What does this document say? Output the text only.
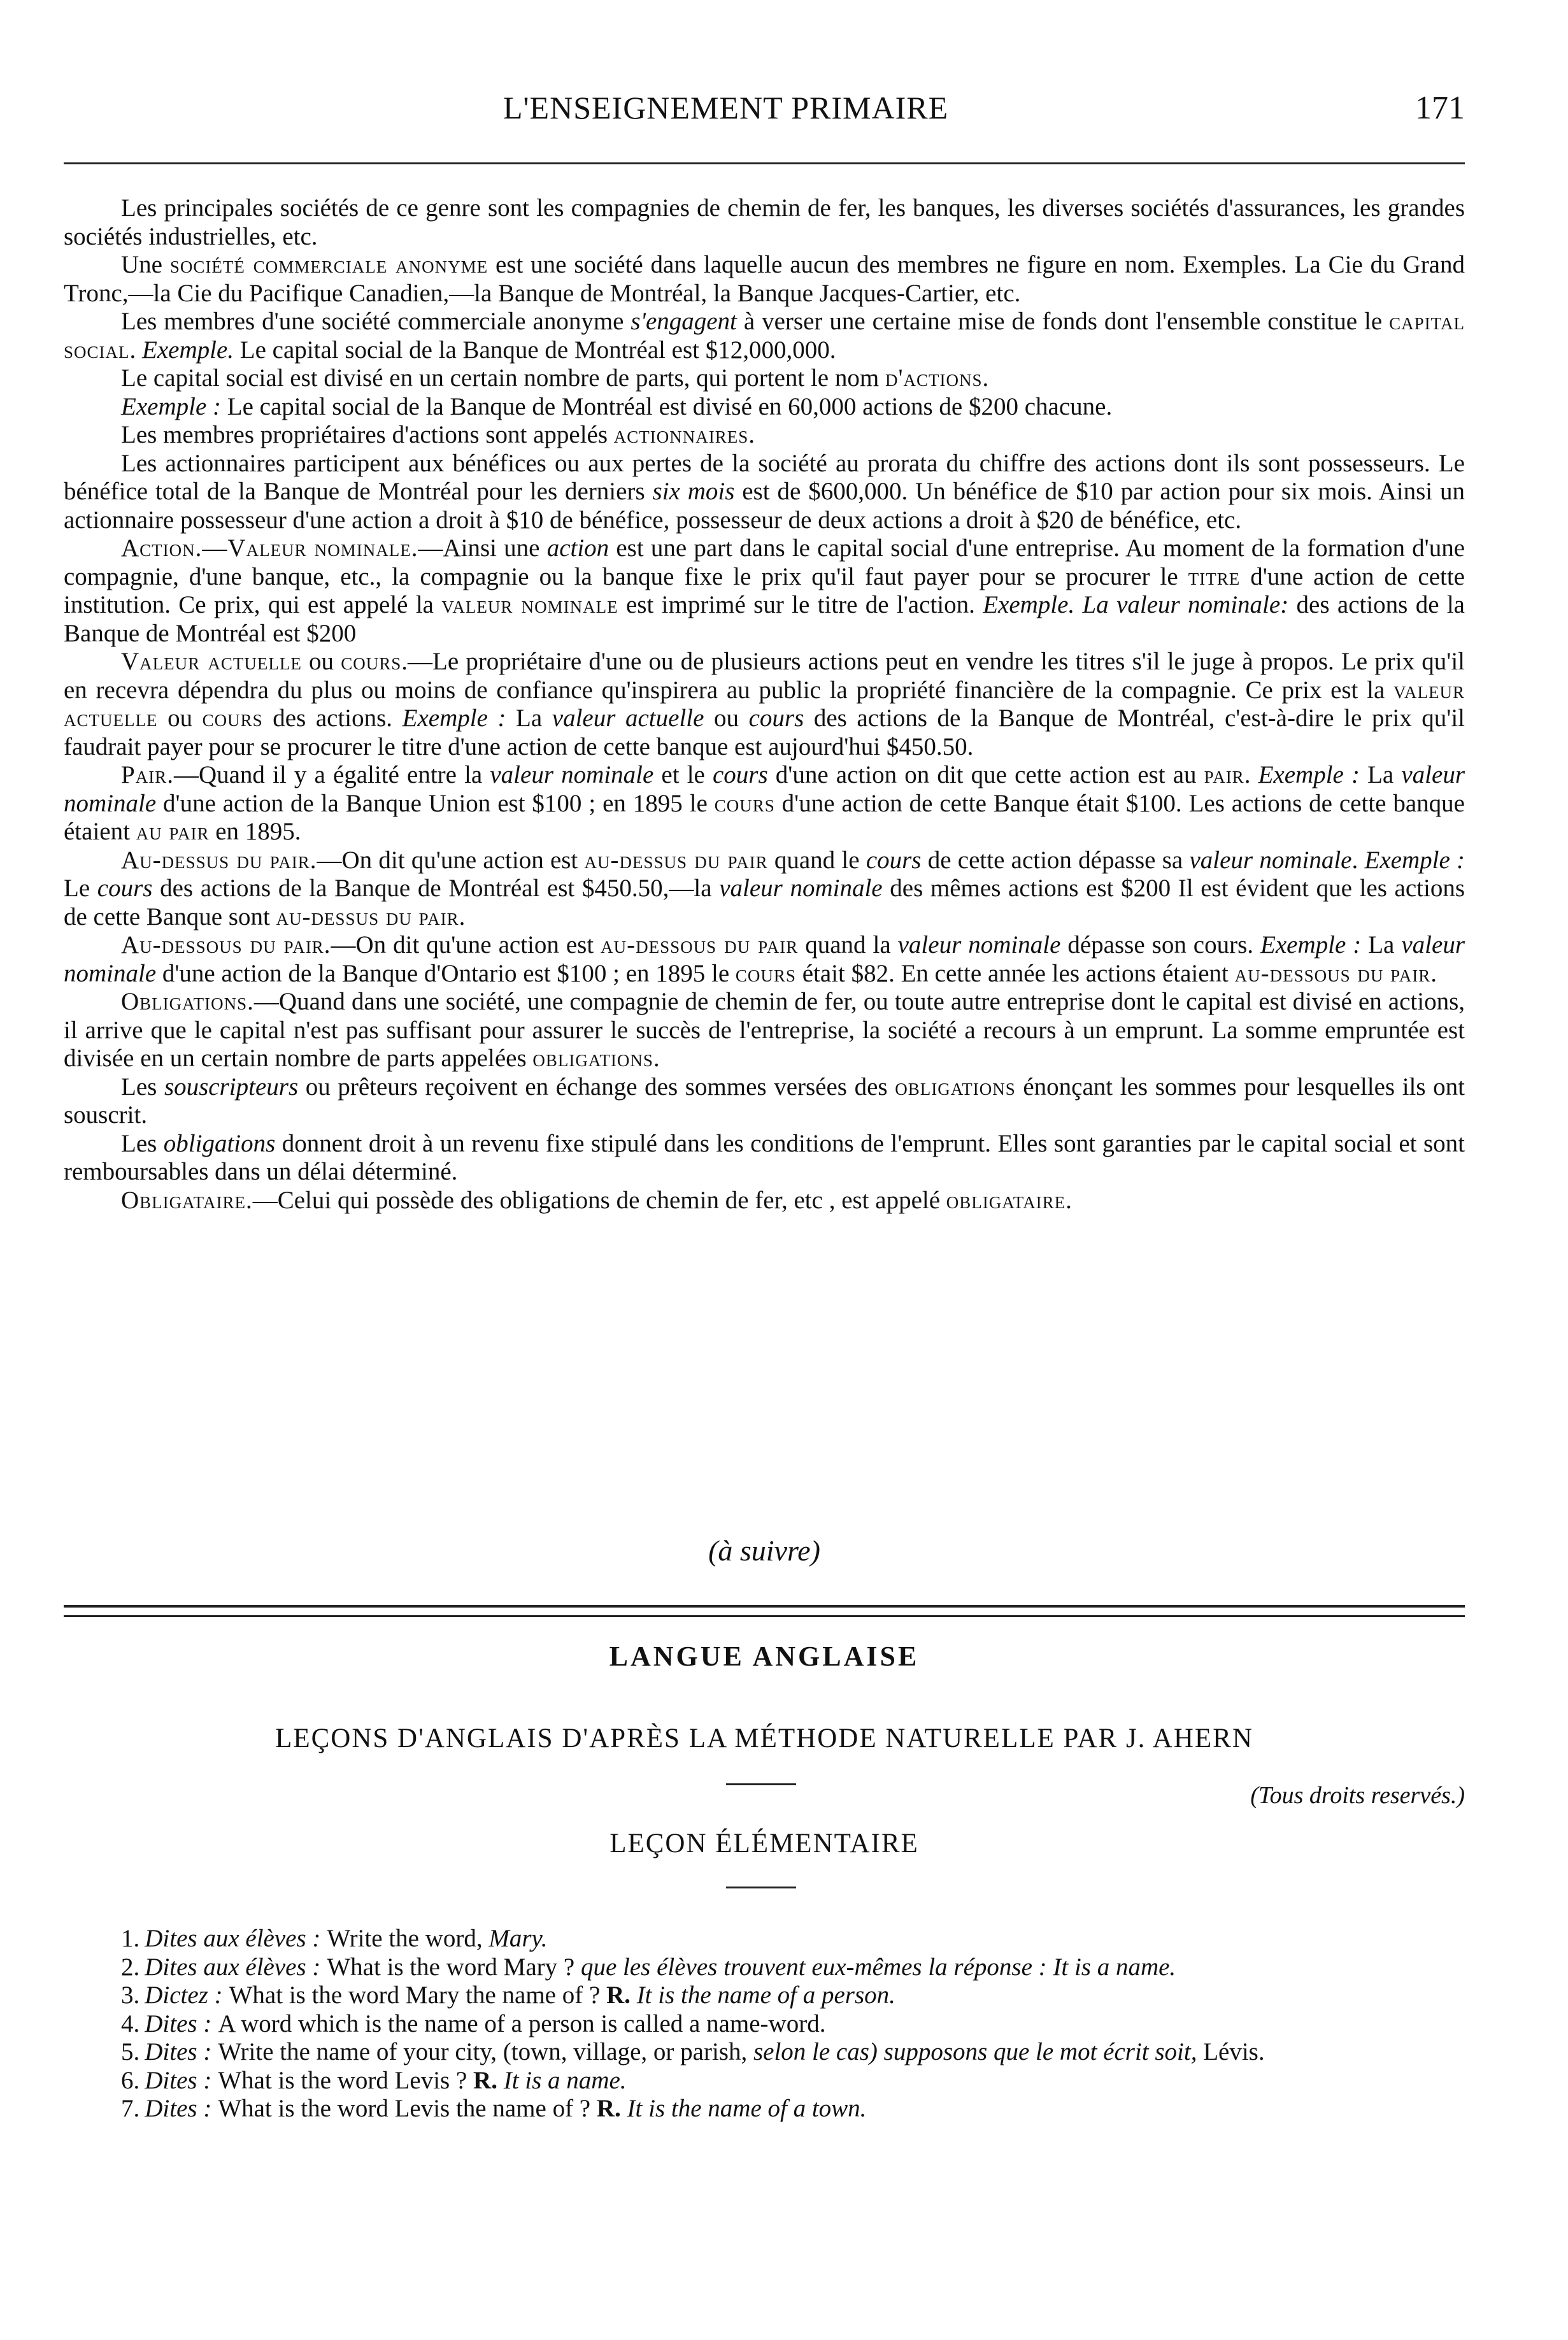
L'ENSEIGNEMENT PRIMAIRE	171

Les principales sociétés de ce genre sont les compagnies de chemin de fer, les banques, les diverses sociétés d'assurances, les grandes sociétés industrielles, etc.

Une société commerciale anonyme est une société dans laquelle aucun des membres ne figure en nom. Exemples. La Cie du Grand Tronc,—la Cie du Pacifique Canadien,—la Banque de Montréal, la Banque Jacques-Cartier, etc.

Les membres d'une société commerciale anonyme s'engagent à verser une certaine mise de fonds dont l'ensemble constitue le capital social. Exemple. Le capital social de la Banque de Montréal est $12,000,000.

Le capital social est divisé en un certain nombre de parts, qui portent le nom d'actions.

Exemple : Le capital social de la Banque de Montréal est divisé en 60,000 actions de $200 chacune.

Les membres propriétaires d'actions sont appelés actionnaires.

Les actionnaires participent aux bénéfices ou aux pertes de la société au prorata du chiffre des actions dont ils sont possesseurs. Le bénéfice total de la Banque de Montréal pour les derniers six mois est de $600,000. Un bénéfice de $10 par action pour six mois. Ainsi un actionnaire possesseur d'une action a droit à $10 de bénéfice, possesseur de deux actions a droit à $20 de bénéfice, etc.

Action.—Valeur nominale.—Ainsi une action est une part dans le capital social d'une entreprise. Au moment de la formation d'une compagnie, d'une banque, etc., la compagnie ou la banque fixe le prix qu'il faut payer pour se procurer le titre d'une action de cette institution. Ce prix, qui est appelé la valeur nominale est imprimé sur le titre de l'action. Exemple. La valeur nominale: des actions de la Banque de Montréal est $200

Valeur actuelle ou cours.—Le propriétaire d'une ou de plusieurs actions peut en vendre les titres s'il le juge à propos. Le prix qu'il en recevra dépendra du plus ou moins de confiance qu'inspirera au public la propriété financière de la compagnie. Ce prix est la valeur actuelle ou cours des actions. Exemple : La valeur actuelle ou cours des actions de la Banque de Montréal, c'est-à-dire le prix qu'il faudrait payer pour se procurer le titre d'une action de cette banque est aujourd'hui $450.50.

Pair.—Quand il y a égalité entre la valeur nominale et le cours d'une action on dit que cette action est au pair. Exemple : La valeur nominale d'une action de la Banque Union est $100 ; en 1895 le cours d'une action de cette Banque était $100. Les actions de cette banque étaient au pair en 1895.

Au-dessus du pair.—On dit qu'une action est au-dessus du pair quand le cours de cette action dépasse sa valeur nominale. Exemple : Le cours des actions de la Banque de Montréal est $450.50,—la valeur nominale des mêmes actions est $200 Il est évident que les actions de cette Banque sont au-dessus du pair.

Au-dessous du pair.—On dit qu'une action est au-dessous du pair quand la valeur nominale dépasse son cours. Exemple : La valeur nominale d'une action de la Banque d'Ontario est $100 ; en 1895 le cours était $82. En cette année les actions étaient au-dessous du pair.

Obligations.—Quand dans une société, une compagnie de chemin de fer, ou toute autre entreprise dont le capital est divisé en actions, il arrive que le capital n'est pas suffisant pour assurer le succès de l'entreprise, la société a recours à un emprunt. La somme empruntée est divisée en un certain nombre de parts appelées obligations.

Les souscripteurs ou prêteurs reçoivent en échange des sommes versées des obligations énonçant les sommes pour lesquelles ils ont souscrit.

Les obligations donnent droit à un revenu fixe stipulé dans les conditions de l'emprunt. Elles sont garanties par le capital social et sont remboursables dans un délai déterminé.

Obligataire.—Celui qui possède des obligations de chemin de fer, etc , est appelé obligataire.

(à suivre)
LANGUE ANGLAISE
LEÇONS D'ANGLAIS D'APRÈS LA MÉTHODE NATURELLE PAR J. AHERN
(Tous droits reservés.)
LEÇON ÉLÉMENTAIRE

1. Dites aux élèves : Write the word, Mary.

2. Dites aux élèves : What is the word Mary ? que les élèves trouvent eux-mêmes la réponse : It is a name.

3. Dictez : What is the word Mary the name of ? R. It is the name of a person.

4. Dites : A word which is the name of a person is called a name-word.

5. Dites : Write the name of your city, (town, village, or parish, selon le cas) supposons que le mot écrit soit, Lévis.

6. Dites : What is the word Levis ? R. It is a name.

7. Dites : What is the word Levis the name of ? R. It is the name of a town.
